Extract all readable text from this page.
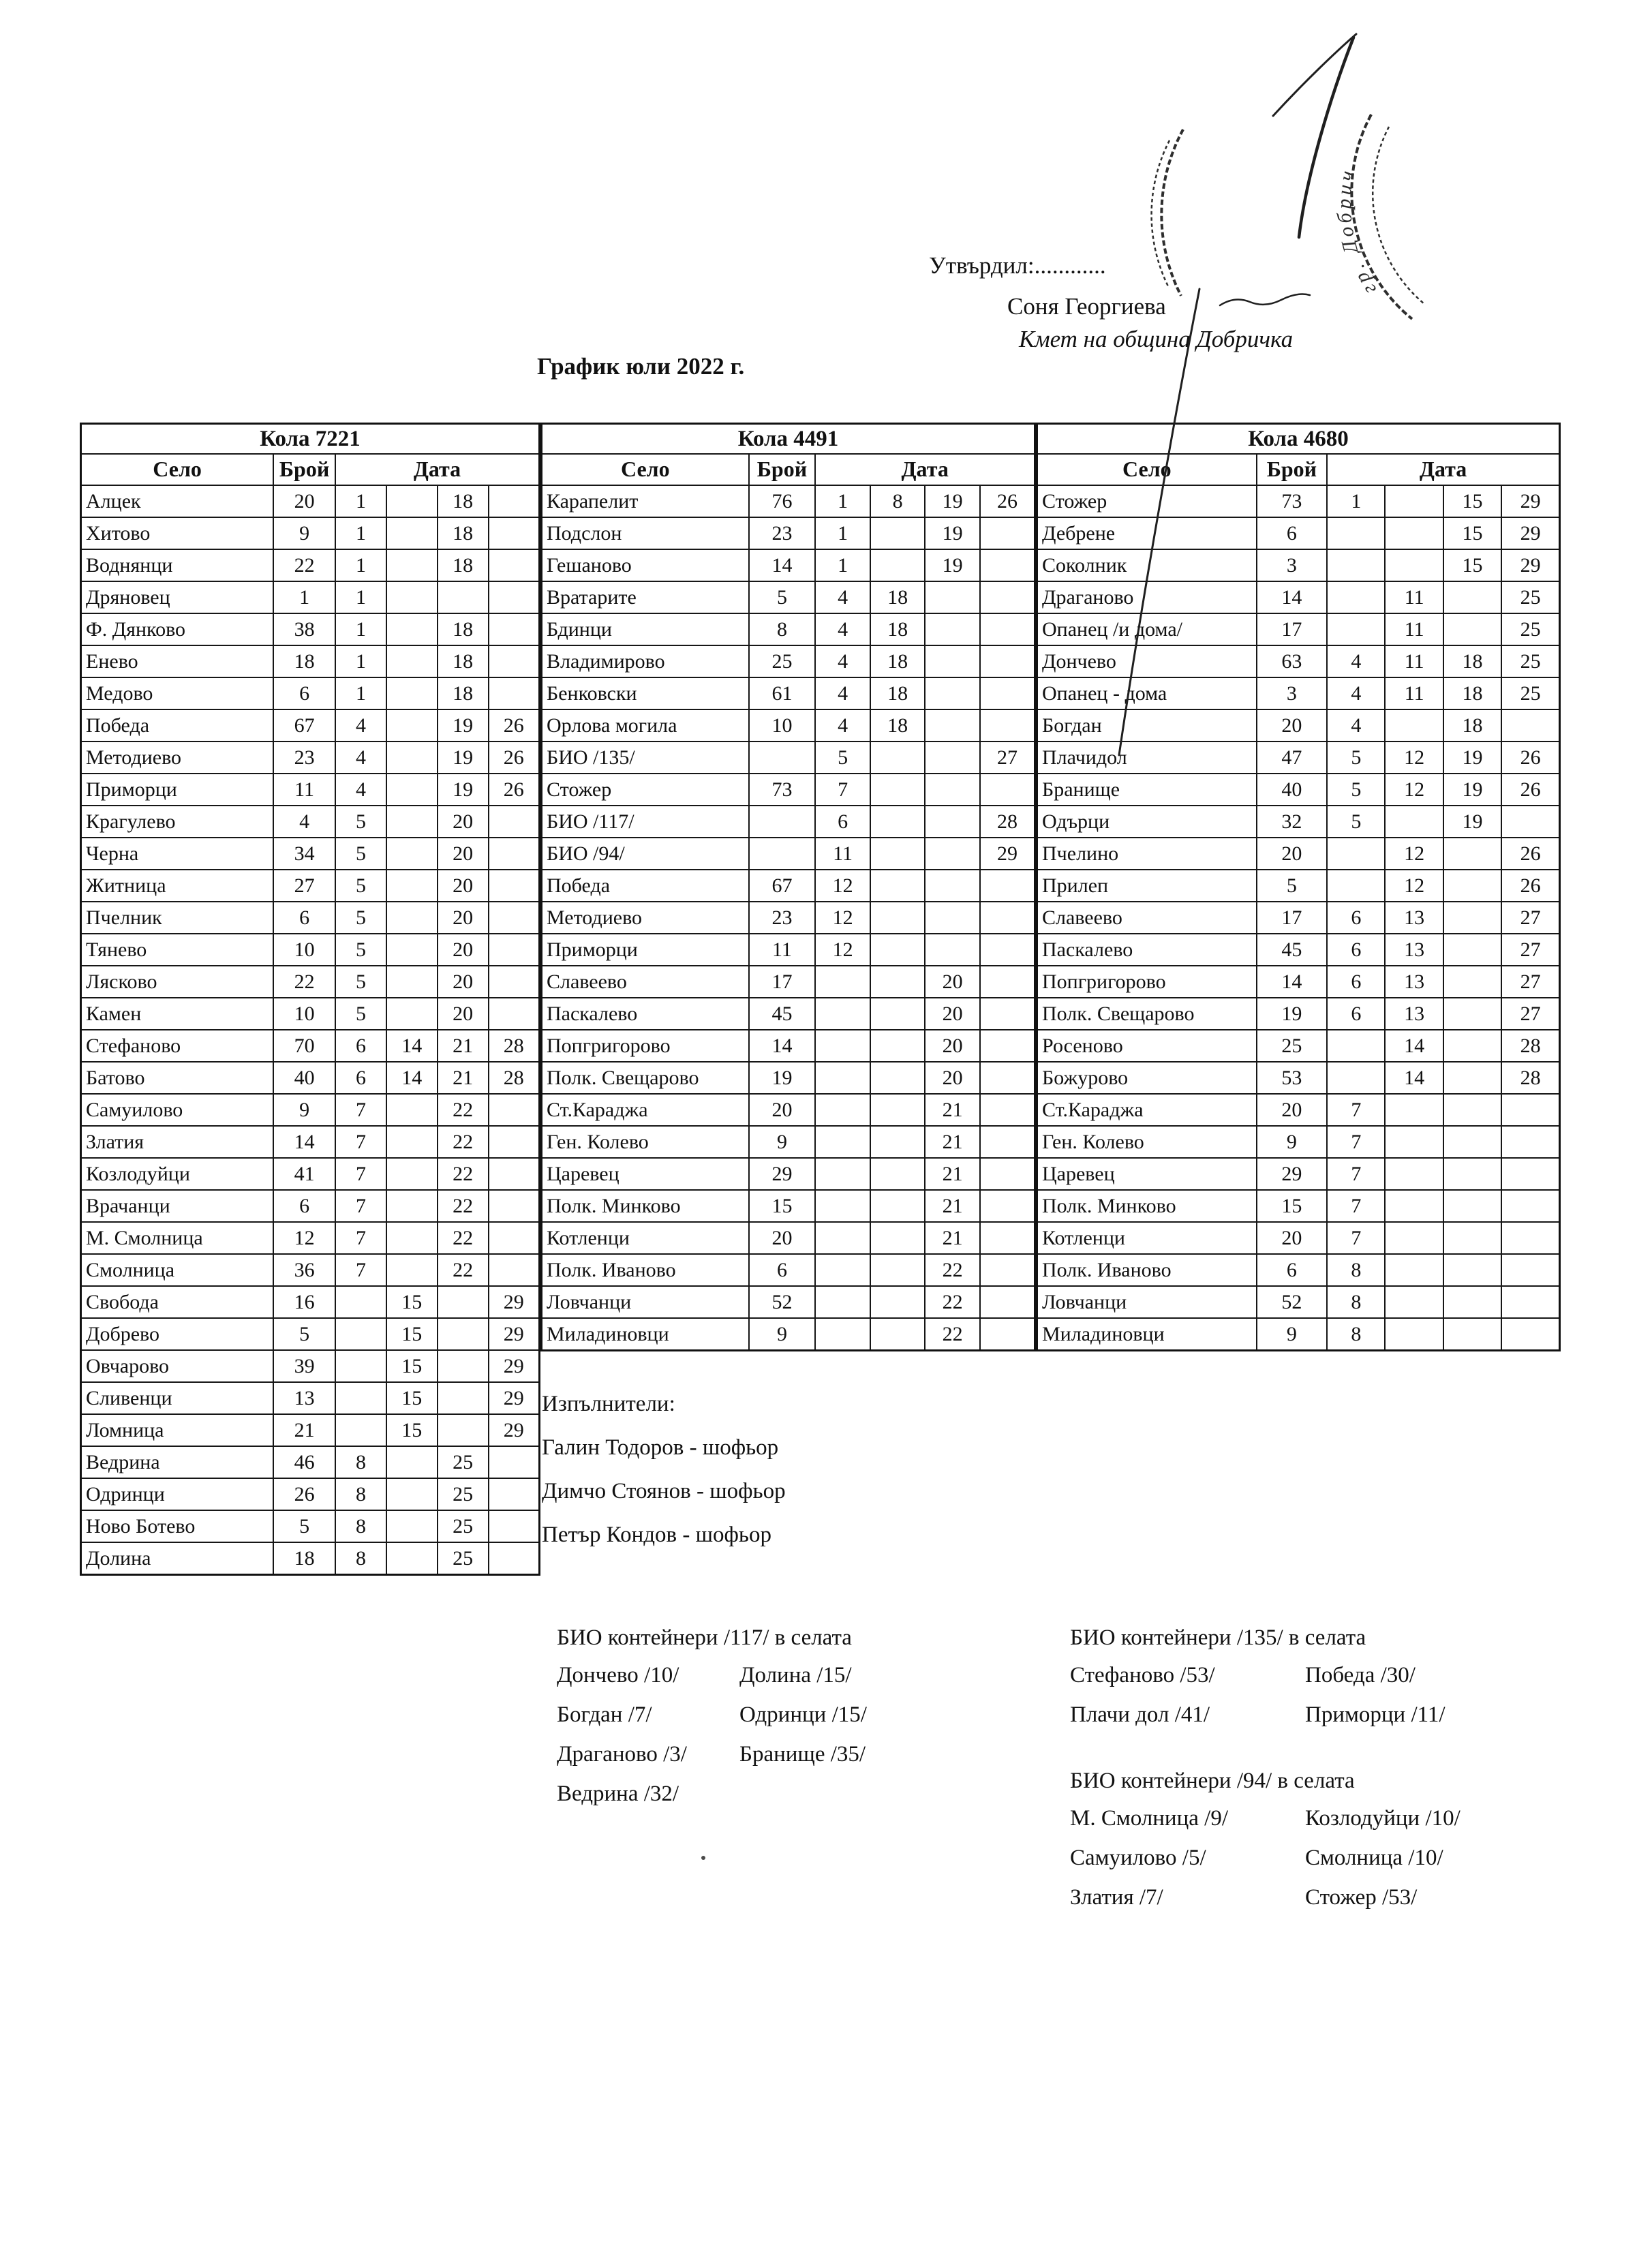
Утвърдил:............
Соня Георгиева
Кмет на община Добричка
График юли 2022 г.
Кола 7221					
Село	Брой	Дата			
Алцек	20	1		18	
Хитово	9	1		18	
Воднянци	22	1		18	
Дряновец	1	1			
Ф. Дянково	38	1		18	
Енево	18	1		18	
Медово	6	1		18	
Победа	67	4		19	26
Методиево	23	4		19	26
Приморци	11	4		19	26
Крагулево	4	5		20	
Черна	34	5		20	
Житница	27	5		20	
Пчелник	6	5		20	
Тянево	10	5		20	
Лясково	22	5		20	
Камен	10	5		20	
Стефаново	70	6	14	21	28
Батово	40	6	14	21	28
Самуилово	9	7		22	
Златия	14	7		22	
Козлодуйци	41	7		22	
Врачанци	6	7		22	
М. Смолница	12	7		22	
Смолница	36	7		22	
Свобода	16		15		29
Добрево	5		15		29
Овчарово	39		15		29
Сливенци	13		15		29
Ломница	21		15		29
Ведрина	46	8		25	
Одринци	26	8		25	
Ново Ботево	5	8		25	
Долина	18	8		25	
Кола 4491					
Село	Брой	Дата			
Карапелит	76	1	8	19	26
Подслон	23	1		19	
Гешаново	14	1		19	
Вратарите	5	4	18		
Бдинци	8	4	18		
Владимирово	25	4	18		
Бенковски	61	4	18		
Орлова могила	10	4	18		
БИО /135/		5			27
Стожер	73	7			
БИО /117/		6			28
БИО /94/		11			29
Победа	67	12			
Методиево	23	12			
Приморци	11	12			
Славеево	17			20	
Паскалево	45			20	
Попгригорово	14			20	
Полк. Свещарово	19			20	
Ст.Караджа	20			21	
Ген. Колево	9			21	
Царевец	29			21	
Полк. Минково	15			21	
Котленци	20			21	
Полк. Иваново	6			22	
Ловчанци	52			22	
Миладиновци	9			22	
Кола 4680					
Село	Брой	Дата			
Стожер	73	1		15	29
Дебрене	6			15	29
Соколник	3			15	29
Драганово	14		11		25
Опанец /и дома/	17		11		25
Дончево	63	4	11	18	25
Опанец - дома	3	4	11	18	25
Богдан	20	4		18	
Плачидол	47	5	12	19	26
Бранище	40	5	12	19	26
Одърци	32	5		19	
Пчелино	20		12		26
Прилеп	5		12		26
Славеево	17	6	13		27
Паскалево	45	6	13		27
Попгригорово	14	6	13		27
Полк. Свещарово	19	6	13		27
Росеново	25		14		28
Божурово	53		14		28
Ст.Караджа	20	7			
Ген. Колево	9	7			
Царевец	29	7			
Полк. Минково	15	7			
Котленци	20	7			
Полк. Иваново	6	8			
Ловчанци	52	8			
Миладиновци	9	8			
Изпълнители:
Галин Тодоров - шофьор
Димчо Стоянов - шофьор
Петър Кондов - шофьор
БИО контейнери /117/ в селата
Дончево /10/	Долина /15/
Богдан /7/	Одринци /15/
Драганово /3/	Бранище /35/
Ведрина /32/
БИО контейнери /135/ в селата
Стефаново /53/	Победа /30/
Плачи дол /41/	Приморци /11/
БИО контейнери /94/ в селата
М. Смолница /9/	Козлодуйци /10/
Самуилово /5/	Смолница /10/
Златия /7/	Стожер /53/
гр. Добрич
